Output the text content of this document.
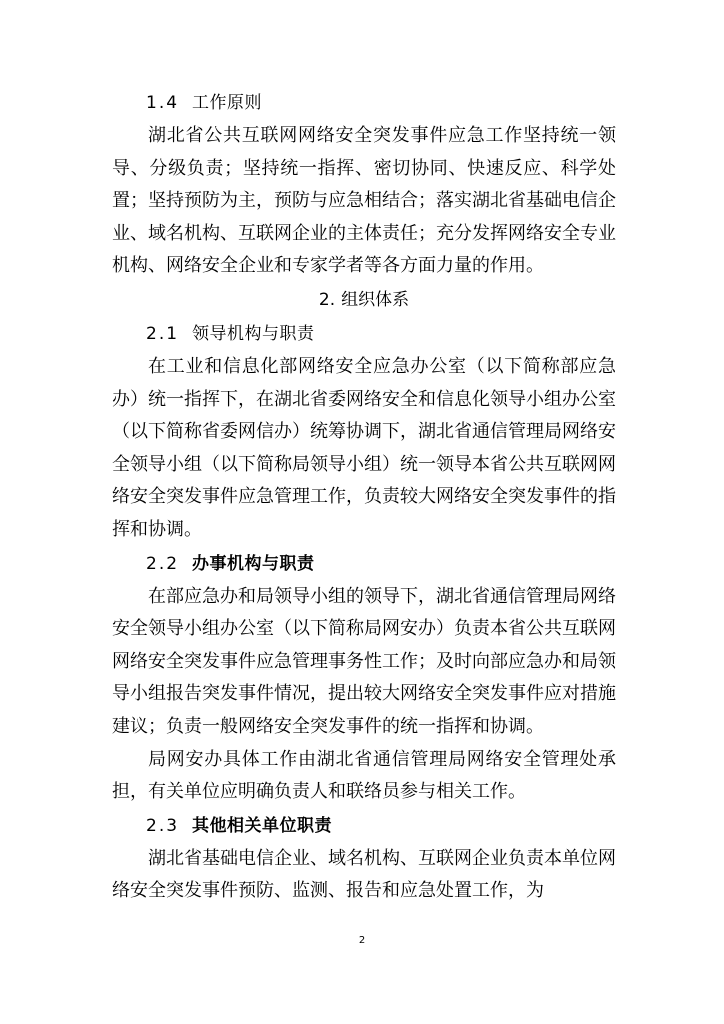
1.4 工作原则

湖北省公共互联网网络安全突发事件应急工作坚持统一领导、分级负责；坚持统一指挥、密切协同、快速反应、科学处置；坚持预防为主，预防与应急相结合；落实湖北省基础电信企业、域名机构、互联网企业的主体责任；充分发挥网络安全专业机构、网络安全企业和专家学者等各方面力量的作用。

2. 组织体系
2.1 领导机构与职责

在工业和信息化部网络安全应急办公室（以下简称部应急办）统一指挥下，在湖北省委网络安全和信息化领导小组办公室（以下简称省委网信办）统筹协调下，湖北省通信管理局网络安全领导小组（以下简称局领导小组）统一领导本省公共互联网网络安全突发事件应急管理工作，负责较大网络安全突发事件的指挥和协调。

2.2 办事机构与职责

在部应急办和局领导小组的领导下，湖北省通信管理局网络安全领导小组办公室（以下简称局网安办）负责本省公共互联网网络安全突发事件应急管理事务性工作；及时向部应急办和局领导小组报告突发事件情况，提出较大网络安全突发事件应对措施建议；负责一般网络安全突发事件的统一指挥和协调。

局网安办具体工作由湖北省通信管理局网络安全管理处承担，有关单位应明确负责人和联络员参与相关工作。

2.3 其他相关单位职责

湖北省基础电信企业、域名机构、互联网企业负责本单位网络安全突发事件预防、监测、报告和应急处置工作，为

2
